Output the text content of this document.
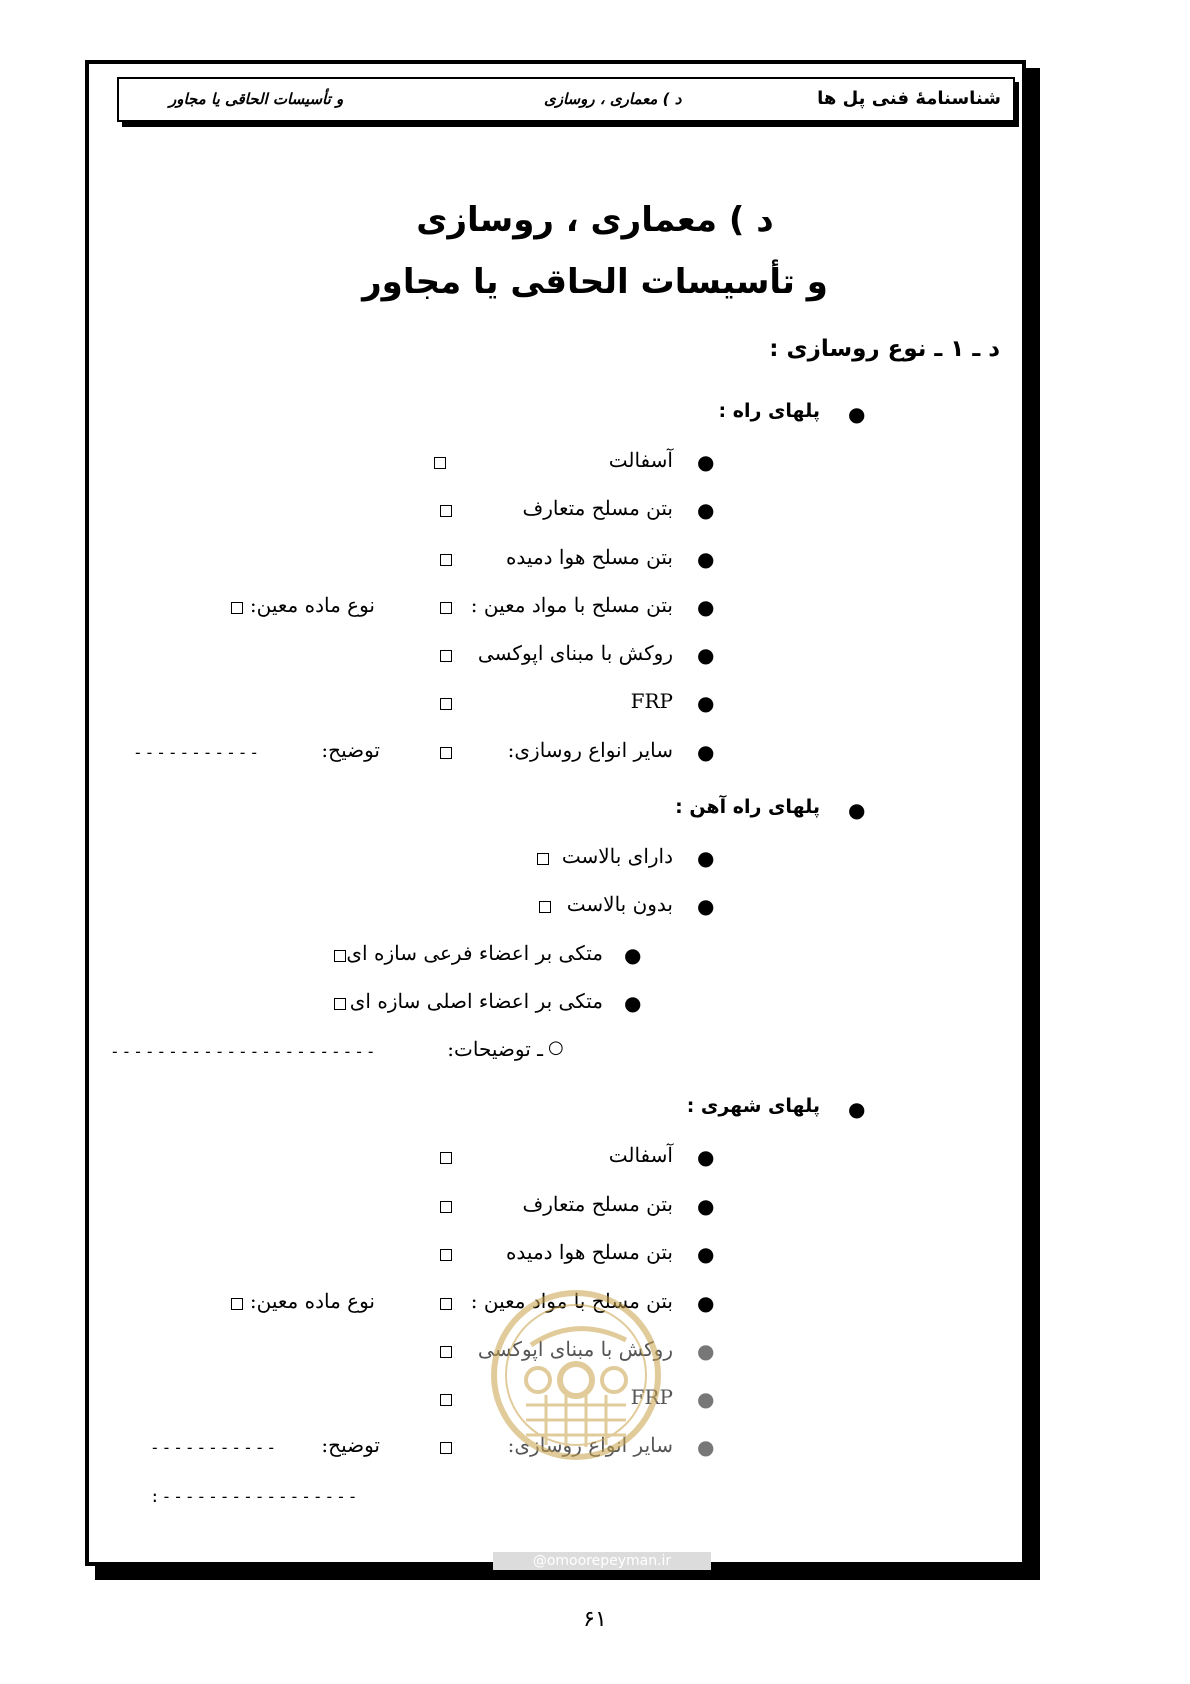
شناسنامهٔ فنی پل ها
د ) معماری ، روسازی
و تأسیسات الحاقی یا مجاور
د ) معماری ، روسازی
و تأسیسات الحاقی یا مجاور
د ـ ۱ ـ نوع روسازی :
●
پلهای راه :
●
آسفالت
●
بتن مسلح متعارف
●
بتن مسلح هوا دمیده
●
بتن مسلح با مواد معین :
نوع ماده معین:
●
روکش با مبنای اپوکسی
●
FRP
●
سایر انواع روسازی:
توضیح:
-----------
●
پلهای راه آهن :
●
دارای بالاست
●
بدون بالاست
●
متکی بر اعضاء فرعی سازه ای
●
متکی بر اعضاء اصلی سازه ای
○
ـ توضیحات:
-----------------------
●
پلهای شهری :
●
آسفالت
●
بتن مسلح متعارف
●
بتن مسلح هوا دمیده
●
بتن مسلح با مواد معین :
نوع ماده معین:
●
روکش با مبنای اپوکسی
●
FRP
●
سایر انواع روسازی:
توضیح:
-----------
:-----------------
@omoorepeyman.ir
۶۱
